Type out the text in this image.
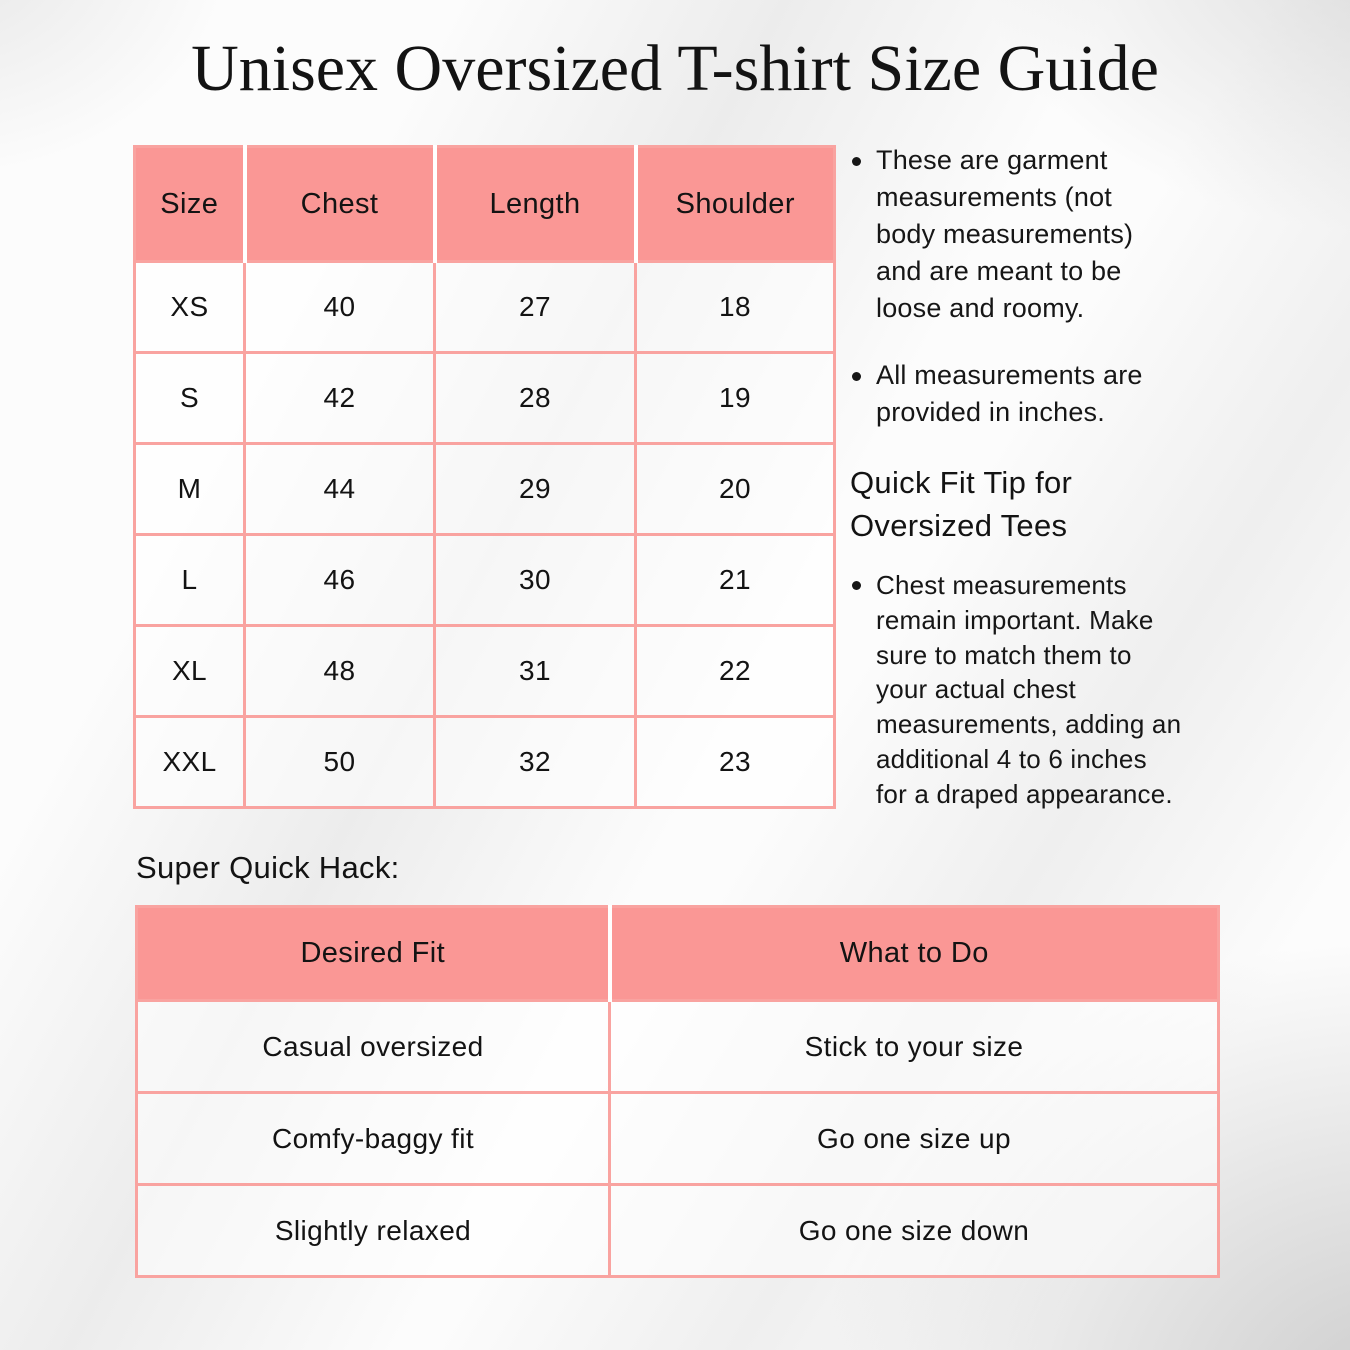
Unisex Oversized T-shirt Size Guide
Size	Chest	Length	Shoulder
XS	40	27	18
S	42	28	19
M	44	29	20
L	46	30	21
XL	48	31	22
XXL	50	32	23
These are garment
measurements (not
body measurements)
and are meant to be
loose and roomy.
All measurements are
provided in inches.
Quick Fit Tip for
Oversized Tees
Chest measurements
remain important. Make
sure to match them to
your actual chest
measurements, adding an
additional 4 to 6 inches
for a draped appearance.
Super Quick Hack:
Desired Fit	What to Do
Casual oversized	Stick to your size
Comfy-baggy fit	Go one size up
Slightly relaxed	Go one size down
